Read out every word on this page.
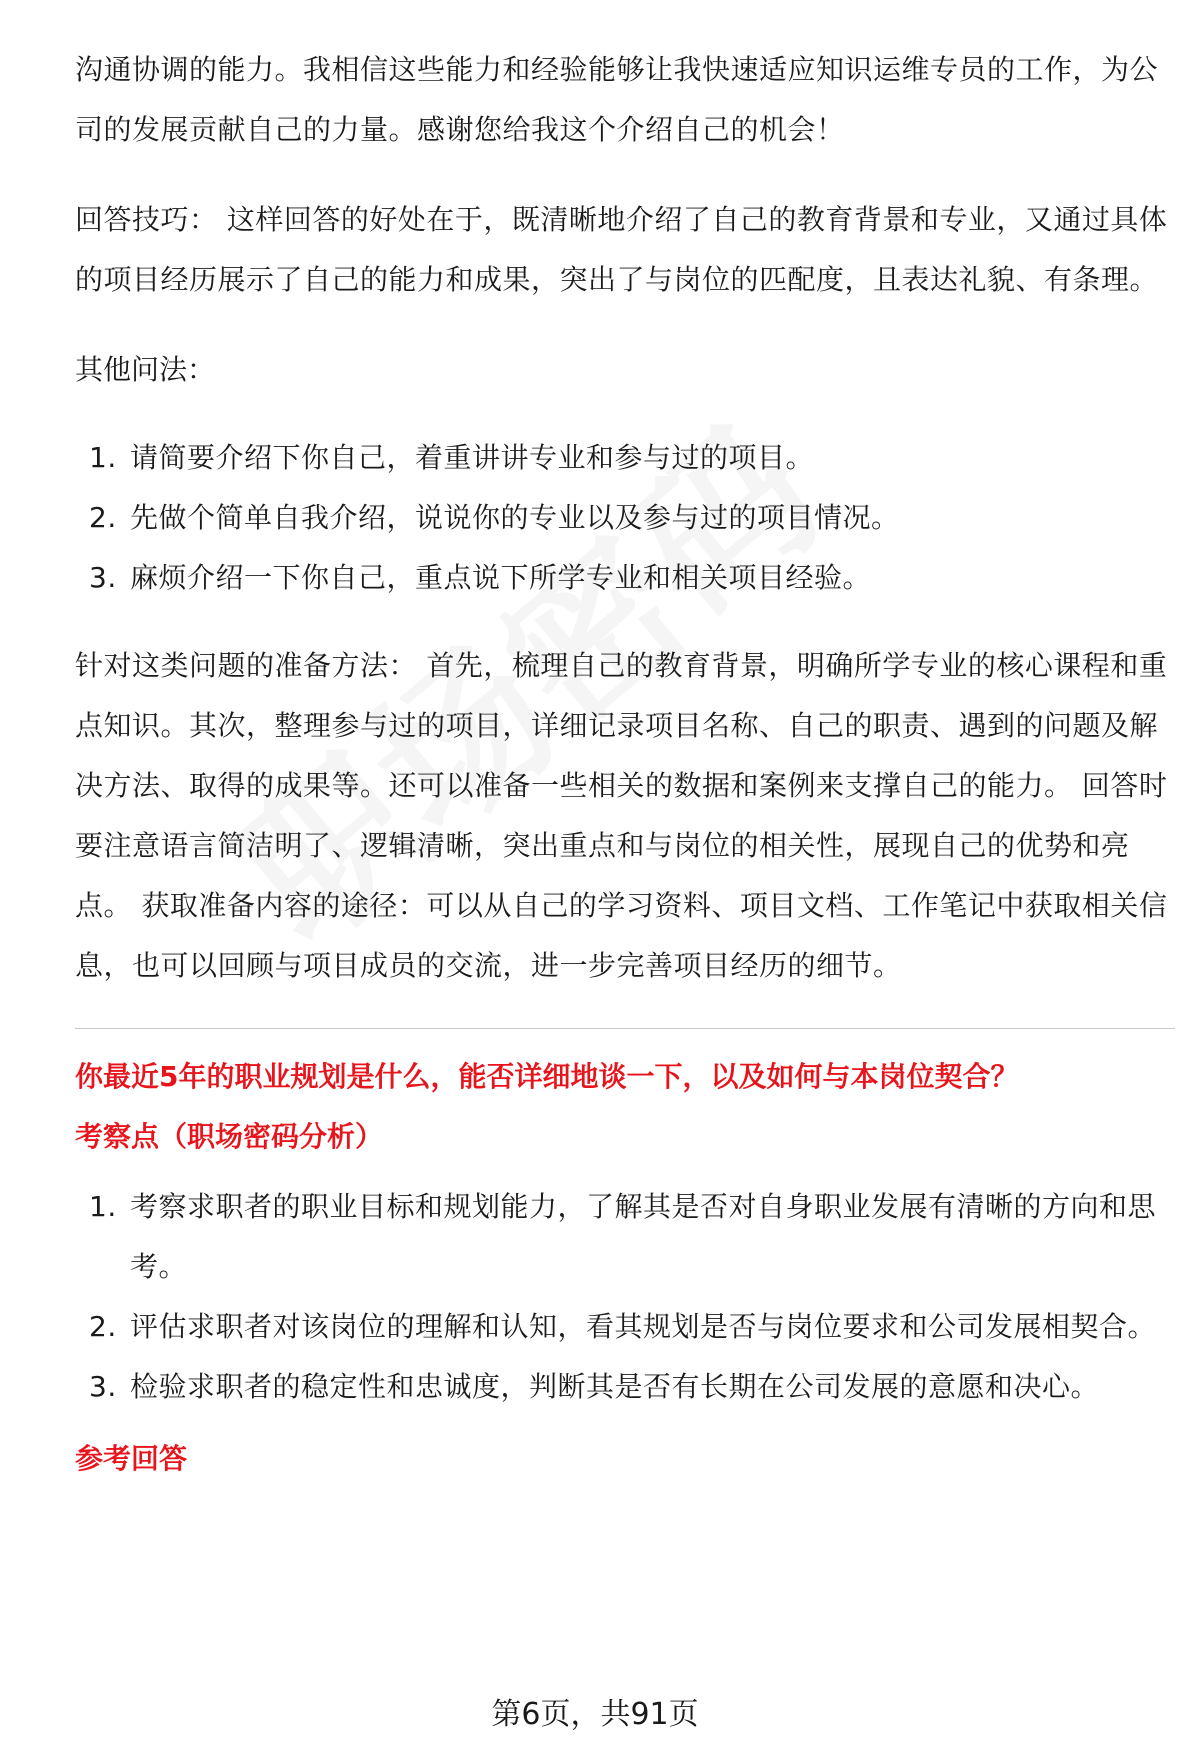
沟通协调的能力。我相信这些能力和经验能够让我快速适应知识运维专员的工作，为公司的发展贡献自己的力量。感谢您给我这个介绍自己的机会！

回答技巧： 这样回答的好处在于，既清晰地介绍了自己的教育背景和专业，又通过具体的项目经历展示了自己的能力和成果，突出了与岗位的匹配度，且表达礼貌、有条理。

其他问法：

1. 请简要介绍下你自己，着重讲讲专业和参与过的项目。
2. 先做个简单自我介绍，说说你的专业以及参与过的项目情况。
3. 麻烦介绍一下你自己，重点说下所学专业和相关项目经验。

针对这类问题的准备方法： 首先，梳理自己的教育背景，明确所学专业的核心课程和重点知识。其次，整理参与过的项目，详细记录项目名称、自己的职责、遇到的问题及解决方法、取得的成果等。还可以准备一些相关的数据和案例来支撑自己的能力。 回答时要注意语言简洁明了、逻辑清晰，突出重点和与岗位的相关性，展现自己的优势和亮点。 获取准备内容的途径：可以从自己的学习资料、项目文档、工作笔记中获取相关信息，也可以回顾与项目成员的交流，进一步完善项目经历的细节。

你最近5年的职业规划是什么，能否详细地谈一下，以及如何与本岗位契合？

考察点（职场密码分析）

1. 考察求职者的职业目标和规划能力，了解其是否对自身职业发展有清晰的方向和思考。
2. 评估求职者对该岗位的理解和认知，看其规划是否与岗位要求和公司发展相契合。
3. 检验求职者的稳定性和忠诚度，判断其是否有长期在公司发展的意愿和决心。

参考回答

第6页，共91页
